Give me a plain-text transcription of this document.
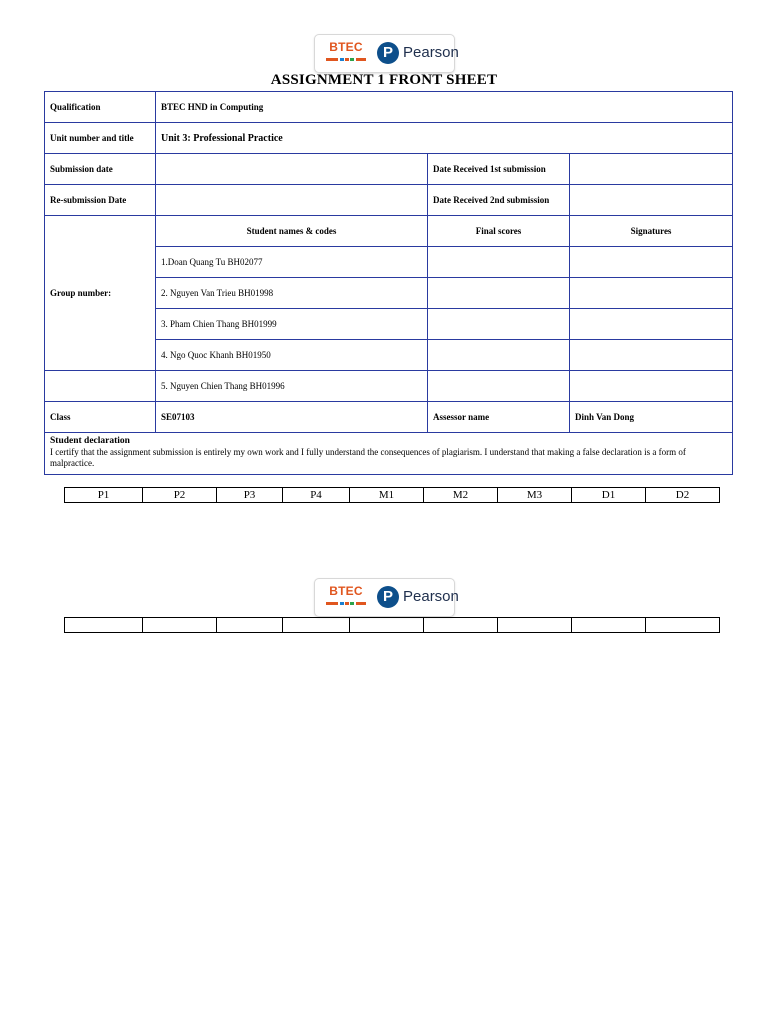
BTEC	P Pearson
ASSIGNMENT 1 FRONT SHEET
Qualification	BTEC HND in Computing		
Unit number and title	Unit 3: Professional Practice		
Submission date		Date Received 1st submission	
Re-submission Date		Date Received 2nd submission	
Group number:	Student names & codes	Final scores	Signatures
	1.Doan Quang Tu BH02077		
	2. Nguyen Van Trieu BH01998		
	3. Pham Chien Thang BH01999		
	4. Ngo Quoc Khanh BH01950		
	5. Nguyen Chien Thang BH01996		
Class	SE07103	Assessor name	Dinh Van Dong

Student declaration
I certify that the assignment submission is entirely my own work and I fully understand the consequences of plagiarism. I understand that making a false declaration is a form of malpractice.			
P1	P2	P3	P4	M1	M2	M3	D1	D2
BTEC	P Pearson
